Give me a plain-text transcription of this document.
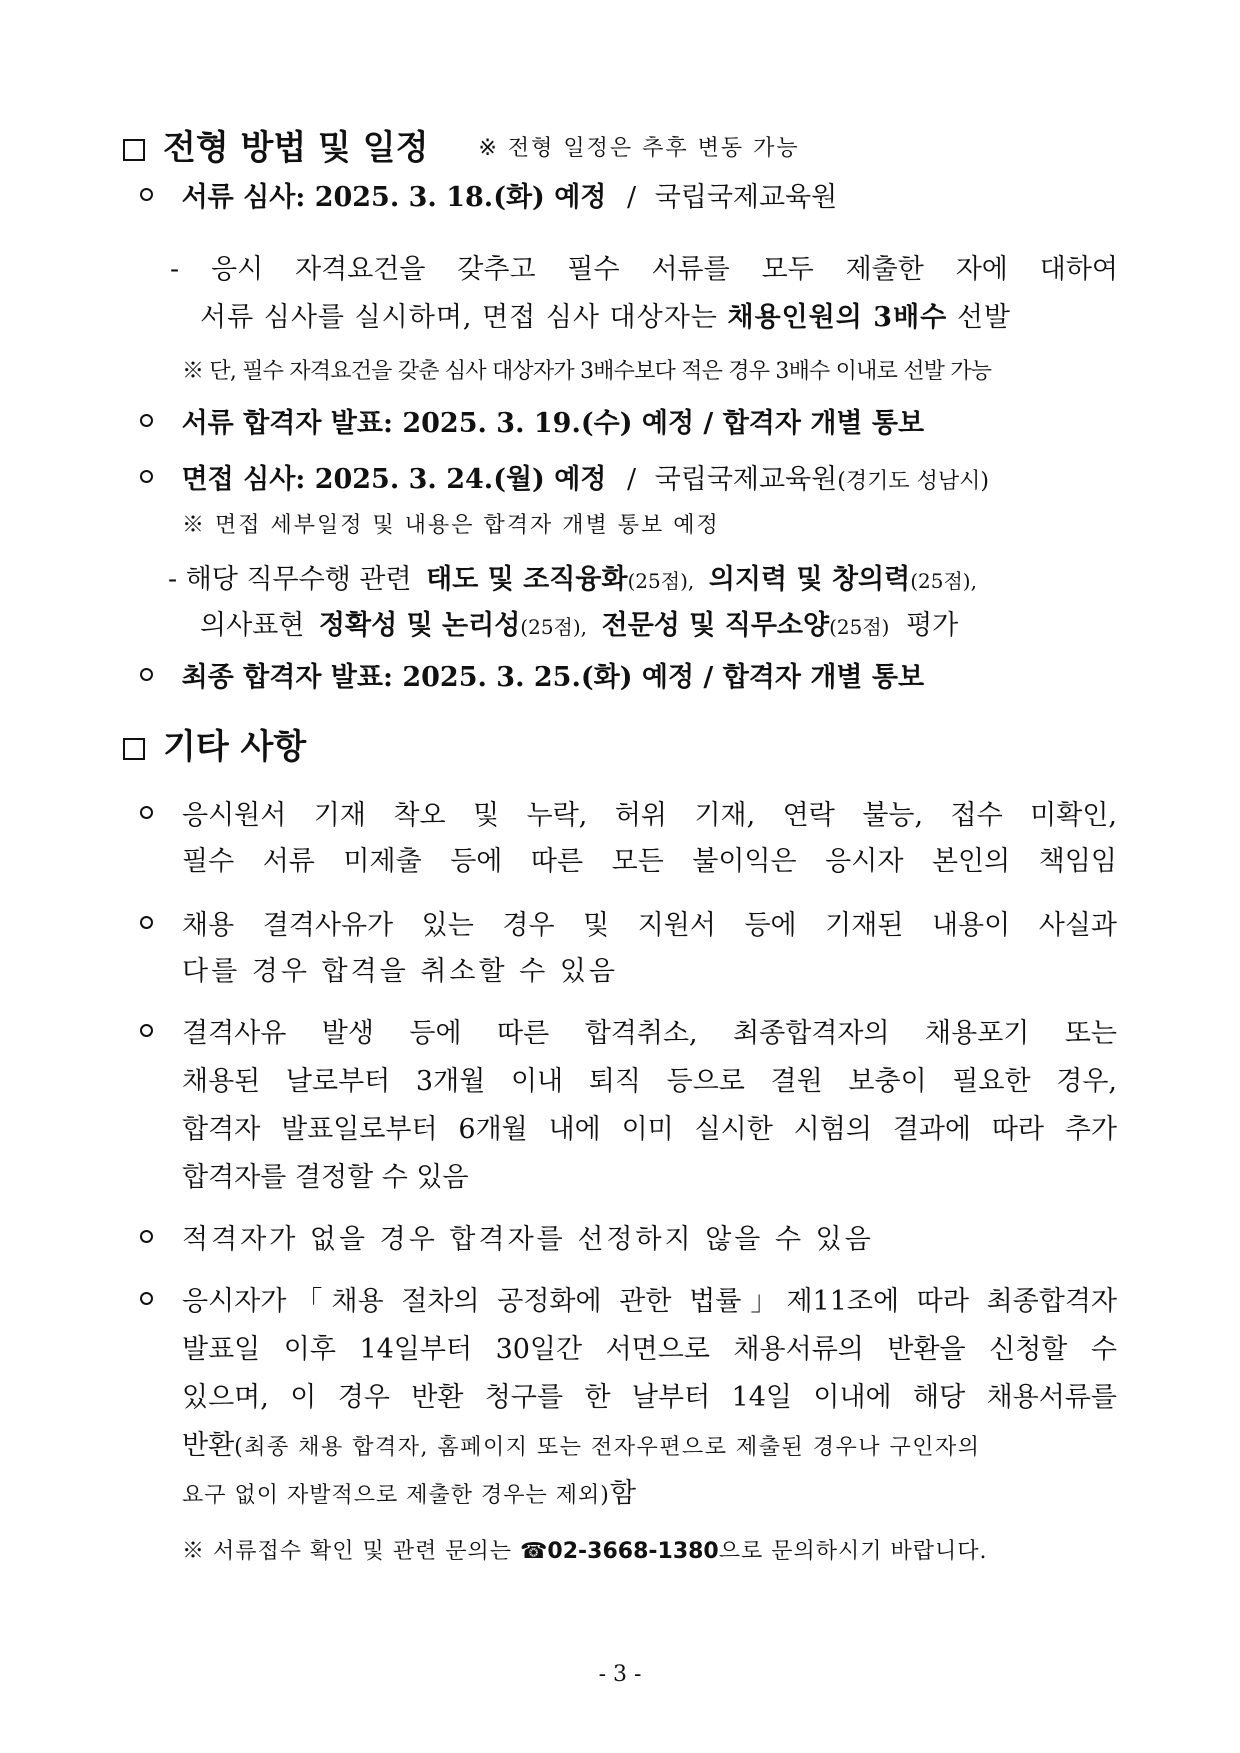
전형 방법 및 일정 ※ 전형 일정은 추후 변동 가능
서류 심사: 2025. 3. 18.(화) 예정 / 국립국제교육원
- 응시 자격요건을 갖추고 필수 서류를 모두 제출한 자에 대하여
서류 심사를 실시하며, 면접 심사 대상자는 채용인원의 3배수 선발
※ 단, 필수 자격요건을 갖춘 심사 대상자가 3배수보다 적은 경우 3배수 이내로 선발 가능
서류 합격자 발표: 2025. 3. 19.(수) 예정 / 합격자 개별 통보
면접 심사: 2025. 3. 24.(월) 예정 / 국립국제교육원(경기도 성남시)
※ 면접 세부일정 및 내용은 합격자 개별 통보 예정
- 해당 직무수행 관련 태도 및 조직융화(25점), 의지력 및 창의력(25점),
의사표현 정확성 및 논리성(25점), 전문성 및 직무소양(25점) 평가
최종 합격자 발표: 2025. 3. 25.(화) 예정 / 합격자 개별 통보
기타 사항
응시원서 기재 착오 및 누락, 허위 기재, 연락 불능, 접수 미확인,
필수 서류 미제출 등에 따른 모든 불이익은 응시자 본인의 책임임
채용 결격사유가 있는 경우 및 지원서 등에 기재된 내용이 사실과
다를 경우 합격을 취소할 수 있음
결격사유 발생 등에 따른 합격취소, 최종합격자의 채용포기 또는
채용된 날로부터 3개월 이내 퇴직 등으로 결원 보충이 필요한 경우,
합격자 발표일로부터 6개월 내에 이미 실시한 시험의 결과에 따라 추가
합격자를 결정할 수 있음
적격자가 없을 경우 합격자를 선정하지 않을 수 있음
응시자가「채용 절차의 공정화에 관한 법률」제11조에 따라 최종합격자
발표일 이후 14일부터 30일간 서면으로 채용서류의 반환을 신청할 수
있으며, 이 경우 반환 청구를 한 날부터 14일 이내에 해당 채용서류를
반환(최종 채용 합격자, 홈페이지 또는 전자우편으로 제출된 경우나 구인자의
요구 없이 자발적으로 제출한 경우는 제외)함
※ 서류접수 확인 및 관련 문의는 ☎02-3668-1380으로 문의하시기 바랍니다.
- 3 -
